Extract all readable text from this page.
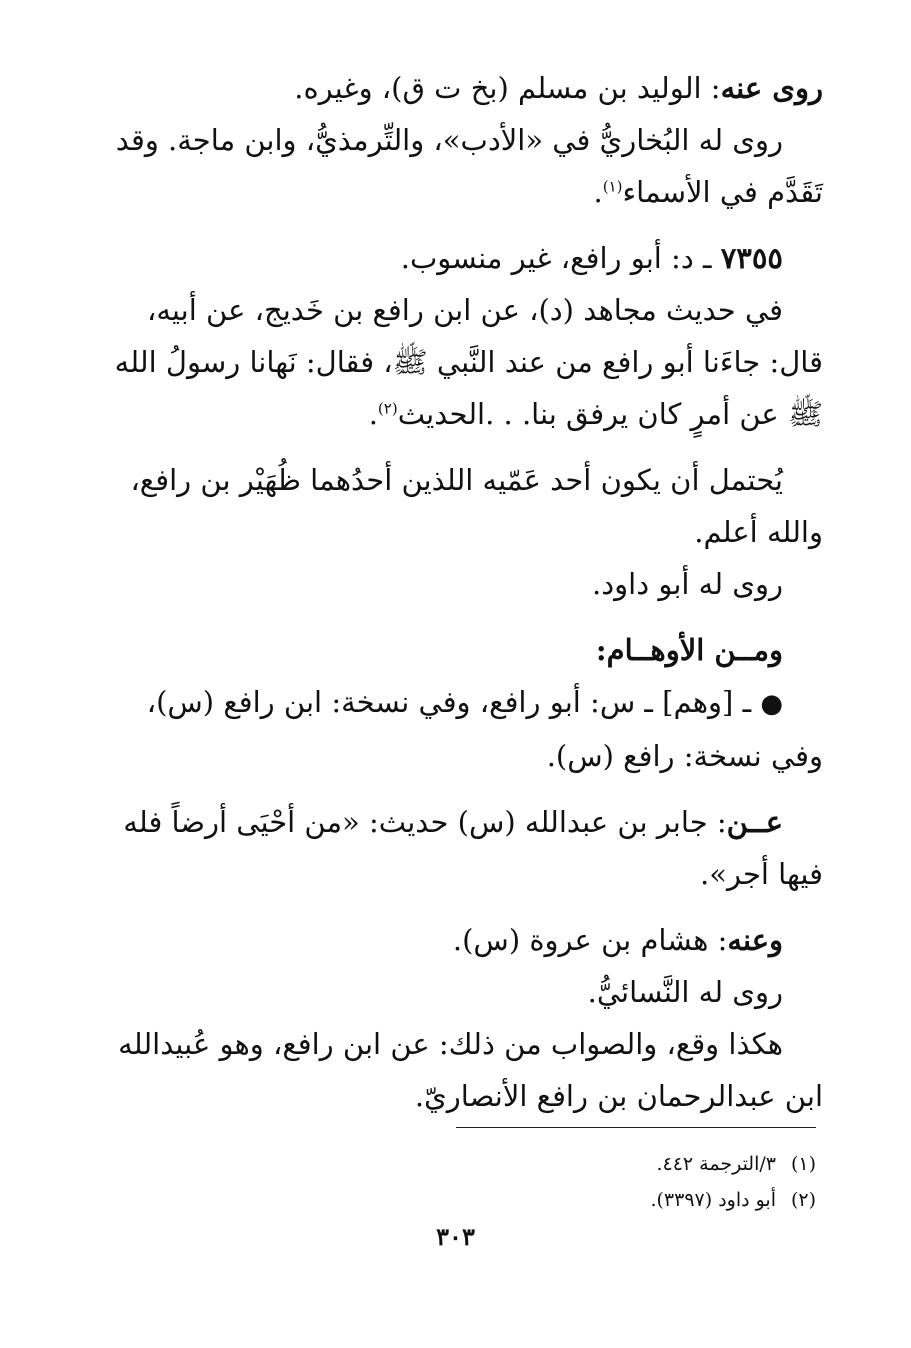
روى عنه: الوليد بن مسلم (بخ ت ق)، وغيره.
روى له البُخاريُّ في «الأدب»، والتِّرمذيُّ، وابن ماجة. وقد
تَقَدَّم في الأسماء$^{(١)}$.
٧٣٥٥ ـ د: أبو رافع، غير منسوب.
في حديث مجاهد (د)، عن ابن رافع بن خَديج، عن أبيه،
قال: جاءَنا أبو رافع من عند النَّبي ﷺ، فقال: نَهانا رسولُ الله
ﷺ عن أمرٍ كان يرفق بنا. . .الحديث$^{(٢)}$.
يُحتمل أن يكون أحد عَمّيه اللذين أحدُهما ظُهَيْر بن رافع،
والله أعلم.
روى له أبو داود.
ومــن الأوهــام:
● ـ [وهم] ـ س: أبو رافع، وفي نسخة: ابن رافع (س)،
وفي نسخة: رافع (س).
عــن: جابر بن عبدالله (س) حديث: «من أحْيَى أرضاً فله
فيها أجر».
وعنه: هشام بن عروة (س).
روى له النَّسائيُّ.
هكذا وقع، والصواب من ذلك: عن ابن رافع، وهو عُبيدالله
ابن عبدالرحمان بن رافع الأنصاريّ.
(١)٣/الترجمة ٤٤٢.
(٢)أبو داود (٣٣٩٧).
٣٠٣
